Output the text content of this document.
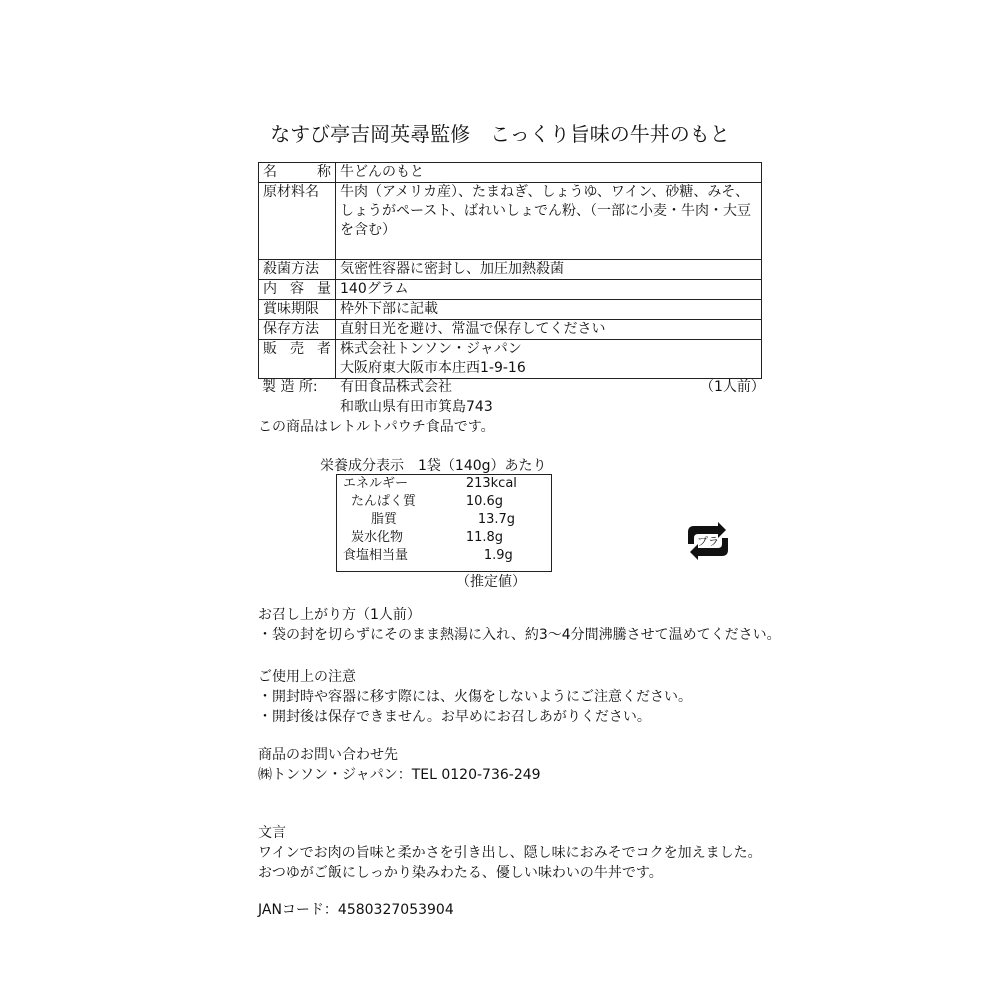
なすび亭吉岡英尋監修　こっくり旨味の牛丼のもと
名　称	牛どんのもと
原材料名	牛肉（アメリカ産）、たまねぎ、しょうゆ、ワイン、砂糖、みそ、しょうがペースト、ばれいしょでん粉、（一部に小麦・牛肉・大豆を含む）
殺菌方法	気密性容器に密封し、加圧加熱殺菌
内 容 量	140グラム
賞味期限	枠外下部に記載
保存方法	直射日光を避け、常温で保存してください
販 売 者	株式会社トンソン・ジャパン
大阪府東大阪市本庄西1-9-16
製 造 所: 有田食品株式会社	（1人前）
和歌山県有田市箕島743
この商品はレトルトパウチ食品です。
栄養成分表示　1袋（140g）あたり
エネルギー	213kcal
たんぱく質	10.6g
脂質	13.7g
炭水化物	11.8g
食塩相当量	1.9g
（推定値）
プラ
お召し上がり方（1人前）
・袋の封を切らずにそのまま熱湯に入れ、約3～4分間沸騰させて温めてください。
ご使用上の注意
・開封時や容器に移す際には、火傷をしないようにご注意ください。
・開封後は保存できません。お早めにお召しあがりください。
商品のお問い合わせ先
㈱トンソン・ジャパン：TEL 0120-736-249
文言
ワインでお肉の旨味と柔かさを引き出し、隠し味におみそでコクを加えました。
おつゆがご飯にしっかり染みわたる、優しい味わいの牛丼です。
JANコード：4580327053904
